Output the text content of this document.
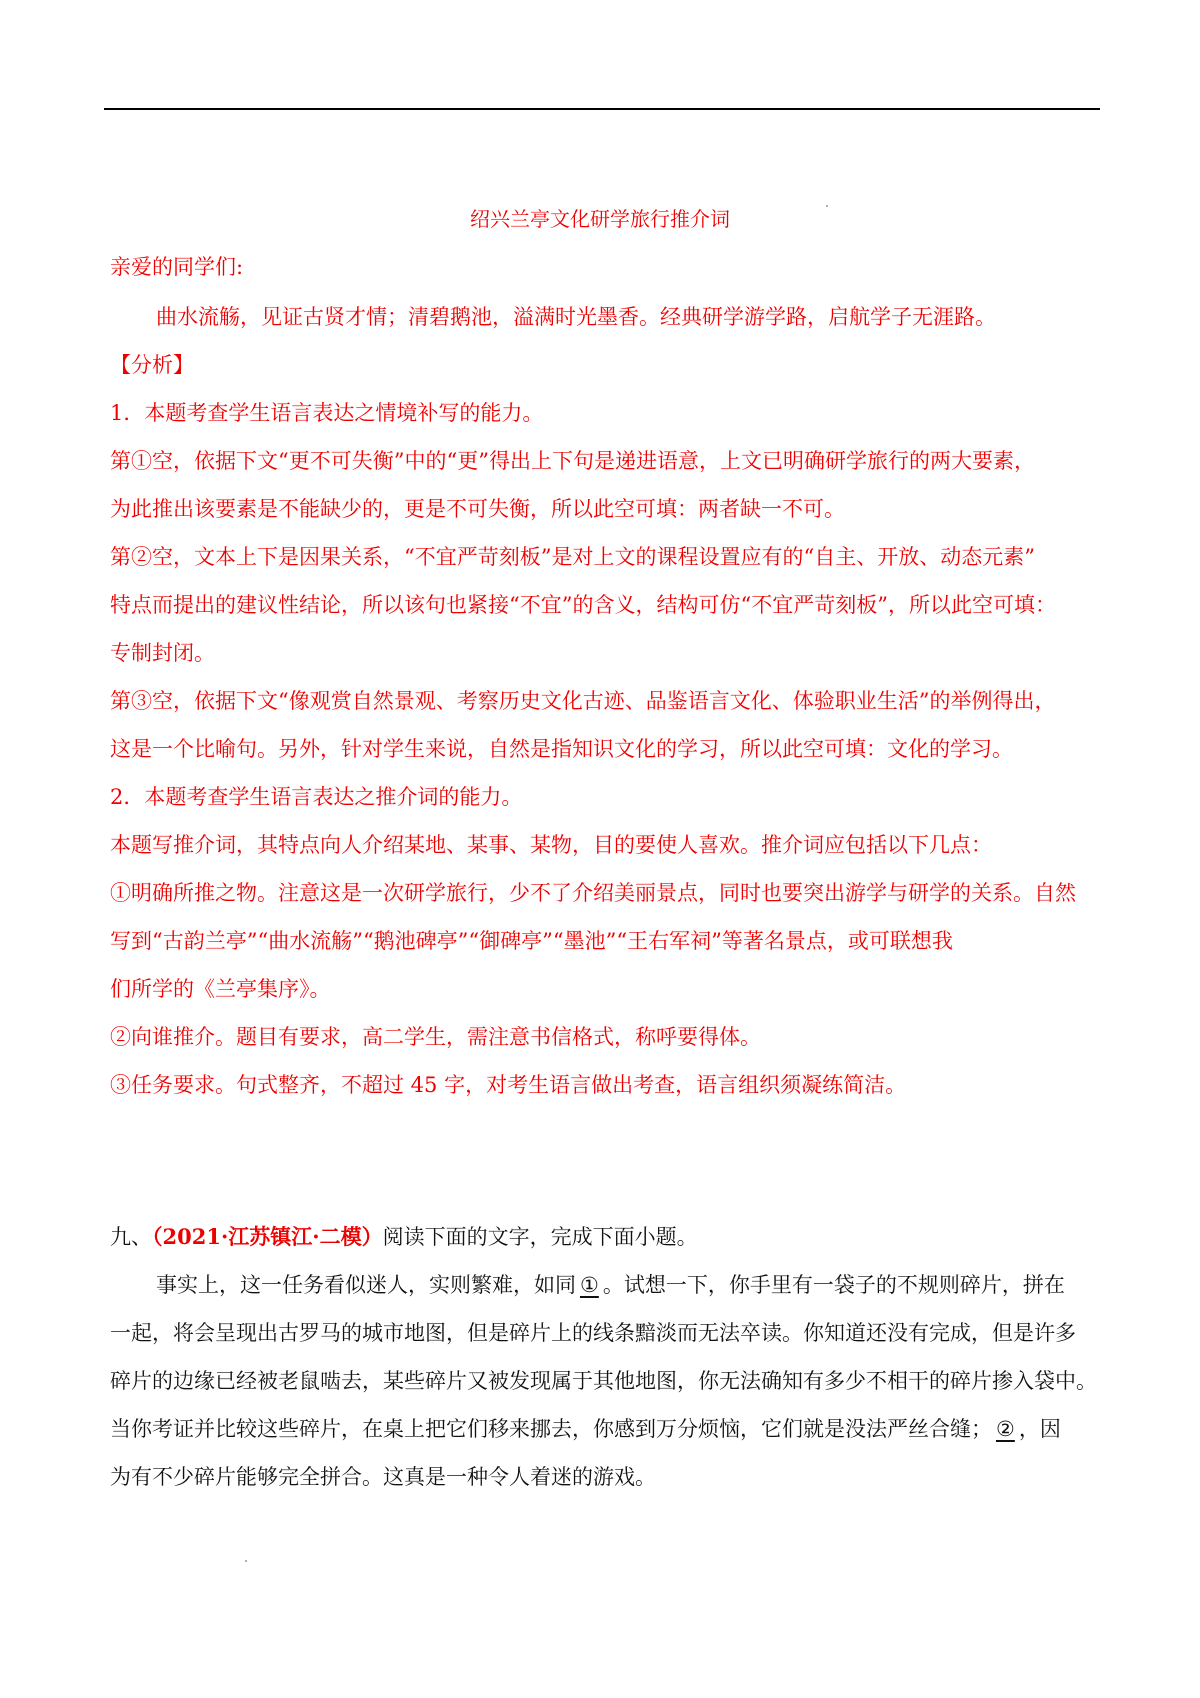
绍兴兰亭文化研学旅行推介词
亲爱的同学们:
曲水流觞，见证古贤才情；清碧鹅池，溢满时光墨香。经典研学游学路，启航学子无涯路。
【分析】
1．本题考查学生语言表达之情境补写的能力。
第①空，依据下文“更不可失衡”中的“更”得出上下句是递进语意，上文已明确研学旅行的两大要素，
为此推出该要素是不能缺少的，更是不可失衡，所以此空可填：两者缺一不可。
第②空，文本上下是因果关系，“不宜严苛刻板”是对上文的课程设置应有的“自主、开放、动态元素”
特点而提出的建议性结论，所以该句也紧接“不宜”的含义，结构可仿“不宜严苛刻板”，所以此空可填：
专制封闭。
第③空，依据下文“像观赏自然景观、考察历史文化古迹、品鉴语言文化、体验职业生活”的举例得出，
这是一个比喻句。另外，针对学生来说，自然是指知识文化的学习，所以此空可填：文化的学习。
2．本题考查学生语言表达之推介词的能力。
本题写推介词，其特点向人介绍某地、某事、某物，目的要使人喜欢。推介词应包括以下几点：
①明确所推之物。注意这是一次研学旅行，少不了介绍美丽景点，同时也要突出游学与研学的关系。自然
写到“古韵兰亭”“曲水流觞”“鹅池碑亭”“御碑亭”“墨池”“王右军祠”等著名景点，或可联想我
们所学的《兰亭集序》。
②向谁推介。题目有要求，高二学生，需注意书信格式，称呼要得体。
③任务要求。句式整齐，不超过 45 字，对考生语言做出考查，语言组织须凝练简洁。
九、（2021·江苏镇江·二模）阅读下面的文字，完成下面小题。
事实上，这一任务看似迷人，实则繁难，如同 ① 。试想一下，你手里有一袋子的不规则碎片，拼在
一起，将会呈现出古罗马的城市地图，但是碎片上的线条黯淡而无法卒读。你知道还没有完成，但是许多
碎片的边缘已经被老鼠啮去，某些碎片又被发现属于其他地图，你无法确知有多少不相干的碎片掺入袋中。
当你考证并比较这些碎片，在桌上把它们移来挪去，你感到万分烦恼，它们就是没法严丝合缝； ② ，因
为有不少碎片能够完全拼合。这真是一种令人着迷的游戏。
